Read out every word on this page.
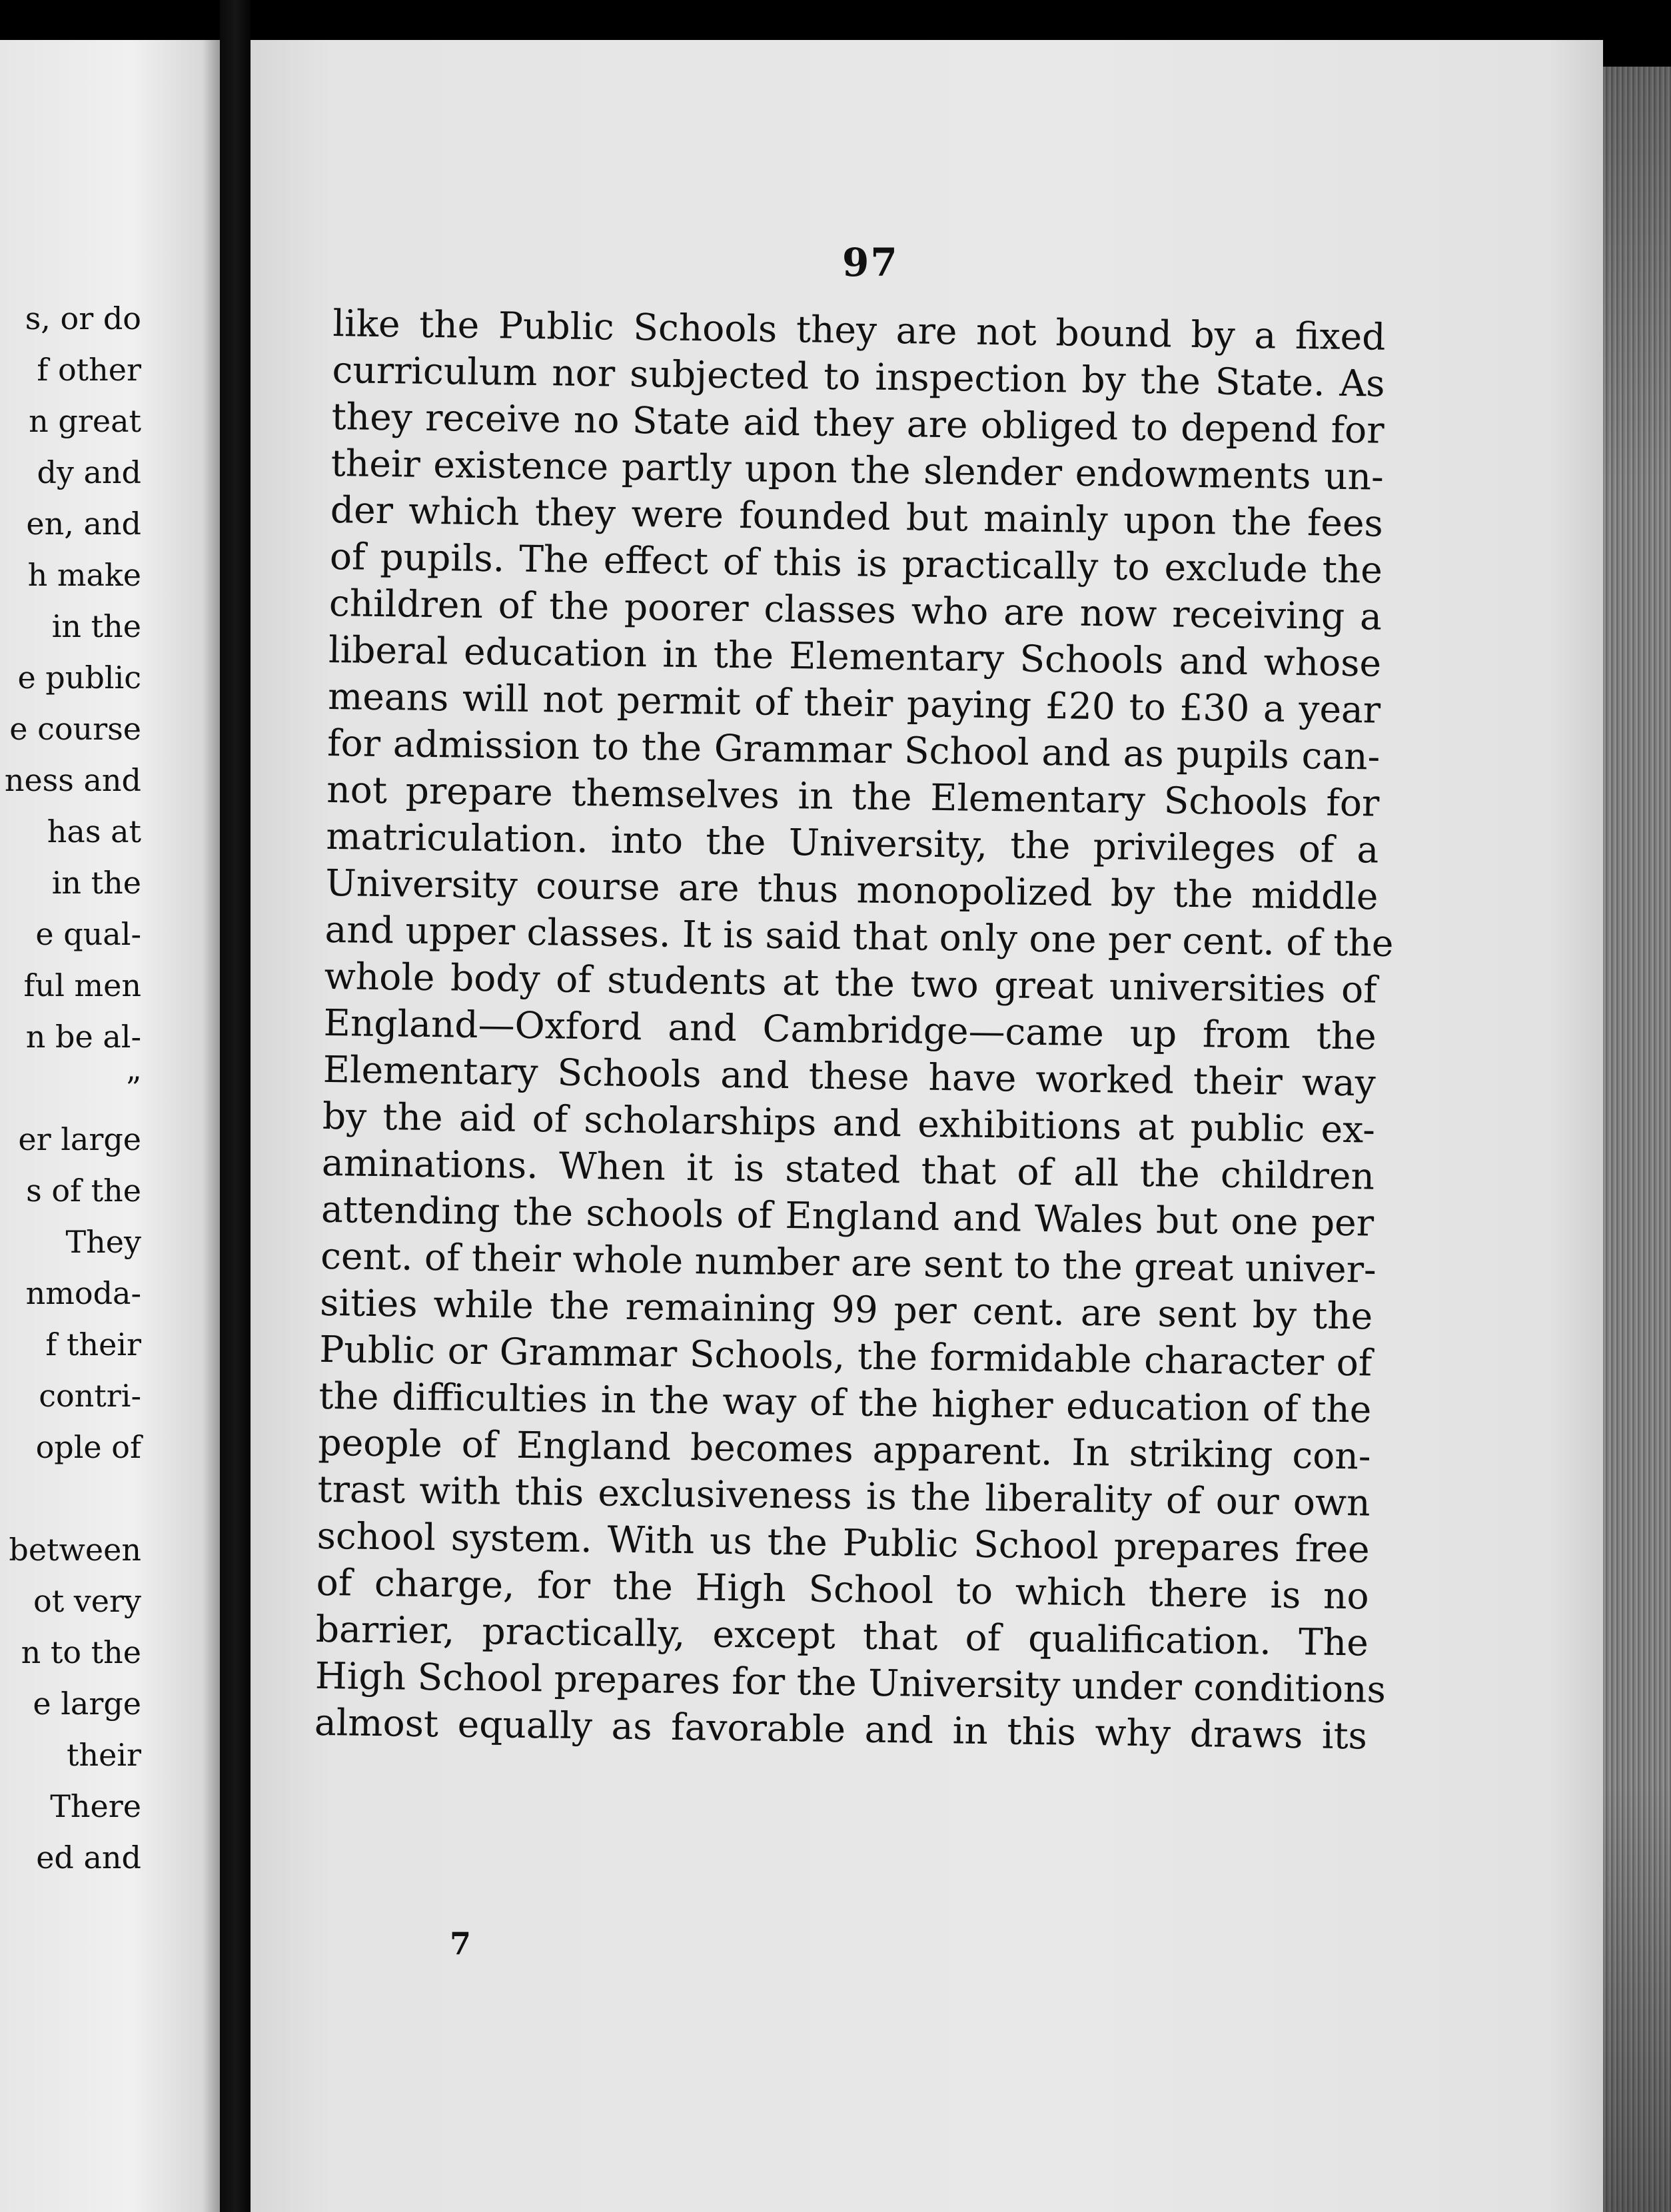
s, or do
f other
n great
dy and
en, and
h make
in the
e public
e course
ness and
has at
in the
e qual-
ful men
n be al-
”
er large
s of the
They
nmoda-
f their
contri-
ople of
between
ot very
n to the
e large
their
There
ed and
97
like the Public Schools they are not bound by a fixed
curriculum nor subjected to inspection by the State. As
they receive no State aid they are obliged to depend for
their existence partly upon the slender endowments un-
der which they were founded but mainly upon the fees
of pupils. The effect of this is practically to exclude the
children of the poorer classes who are now receiving a
liberal education in the Elementary Schools and whose
means will not permit of their paying £20 to £30 a year
for admission to the Grammar School and as pupils can-
not prepare themselves in the Elementary Schools for
matriculation. into the University, the privileges of a
University course are thus monopolized by the middle
and upper classes. It is said that only one per cent. of the
whole body of students at the two great universities of
England—Oxford and Cambridge—came up from the
Elementary Schools and these have worked their way
by the aid of scholarships and exhibitions at public ex-
aminations. When it is stated that of all the children
attending the schools of England and Wales but one per
cent. of their whole number are sent to the great univer-
sities while the remaining 99 per cent. are sent by the
Public or Grammar Schools, the formidable character of
the difficulties in the way of the higher education of the
people of England becomes apparent. In striking con-
trast with this exclusiveness is the liberality of our own
school system. With us the Public School prepares free
of charge, for the High School to which there is no
barrier, practically, except that of qualification. The
High School prepares for the University under conditions
almost equally as favorable and in this why draws its
7
